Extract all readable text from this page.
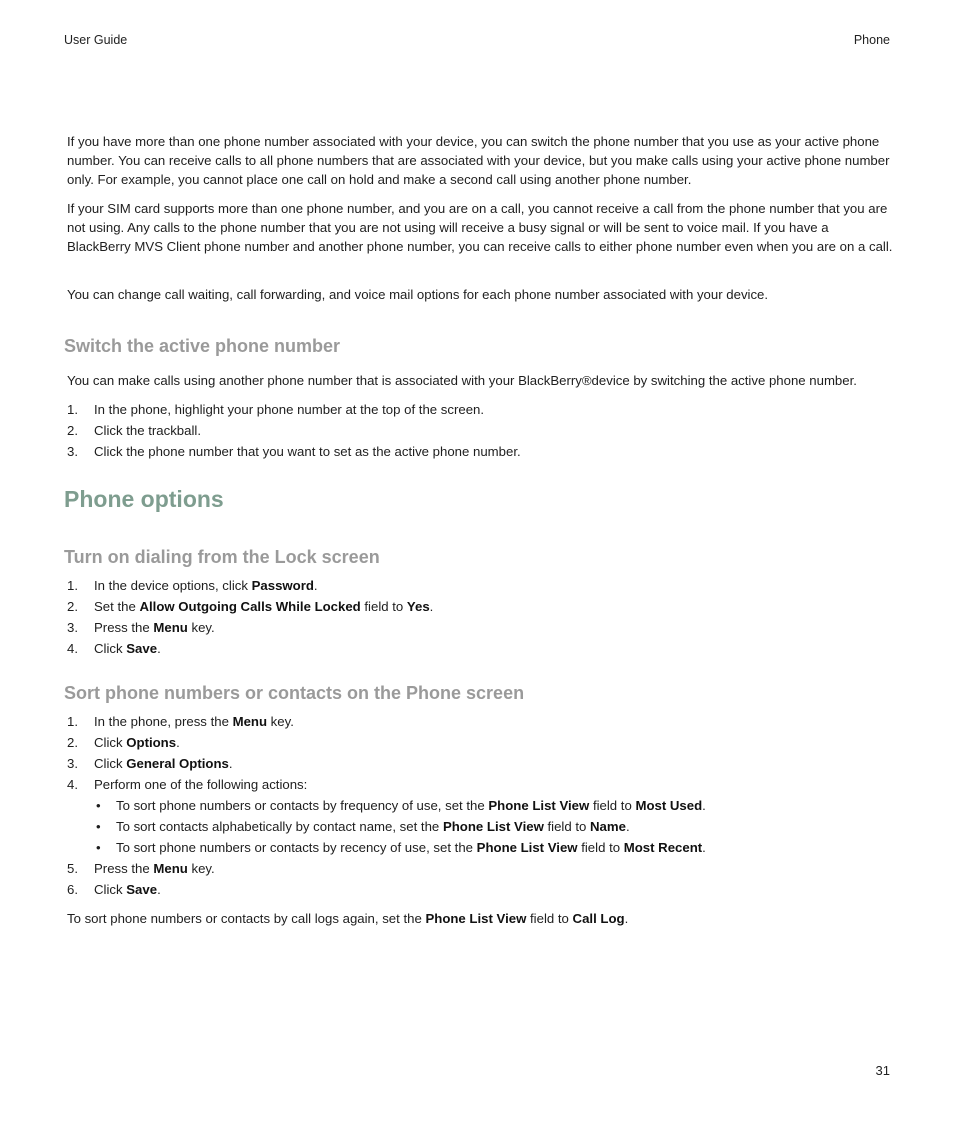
User Guide	Phone

If you have more than one phone number associated with your device, you can switch the phone number that you use as your active phone number. You can receive calls to all phone numbers that are associated with your device, but you make calls using your active phone number only. For example, you cannot place one call on hold and make a second call using another phone number.

If your SIM card supports more than one phone number, and you are on a call, you cannot receive a call from the phone number that you are not using. Any calls to the phone number that you are not using will receive a busy signal or will be sent to voice mail. If you have a BlackBerry MVS Client phone number and another phone number, you can receive calls to either phone number even when you are on a call.

You can change call waiting, call forwarding, and voice mail options for each phone number associated with your device.

Switch the active phone number

You can make calls using another phone number that is associated with your BlackBerry®device by switching the active phone number.

1. In the phone, highlight your phone number at the top of the screen.
2. Click the trackball.
3. Click the phone number that you want to set as the active phone number.
Phone options
Turn on dialing from the Lock screen
1. In the device options, click Password.
2. Set the Allow Outgoing Calls While Locked field to Yes.
3. Press the Menu key.
4. Click Save.
Sort phone numbers or contacts on the Phone screen
1. In the phone, press the Menu key.
2. Click Options.
3. Click General Options.
4. Perform one of the following actions:
• To sort phone numbers or contacts by frequency of use, set the Phone List View field to Most Used.
• To sort contacts alphabetically by contact name, set the Phone List View field to Name.
• To sort phone numbers or contacts by recency of use, set the Phone List View field to Most Recent.
5. Press the Menu key.
6. Click Save.

To sort phone numbers or contacts by call logs again, set the Phone List View field to Call Log.

31
